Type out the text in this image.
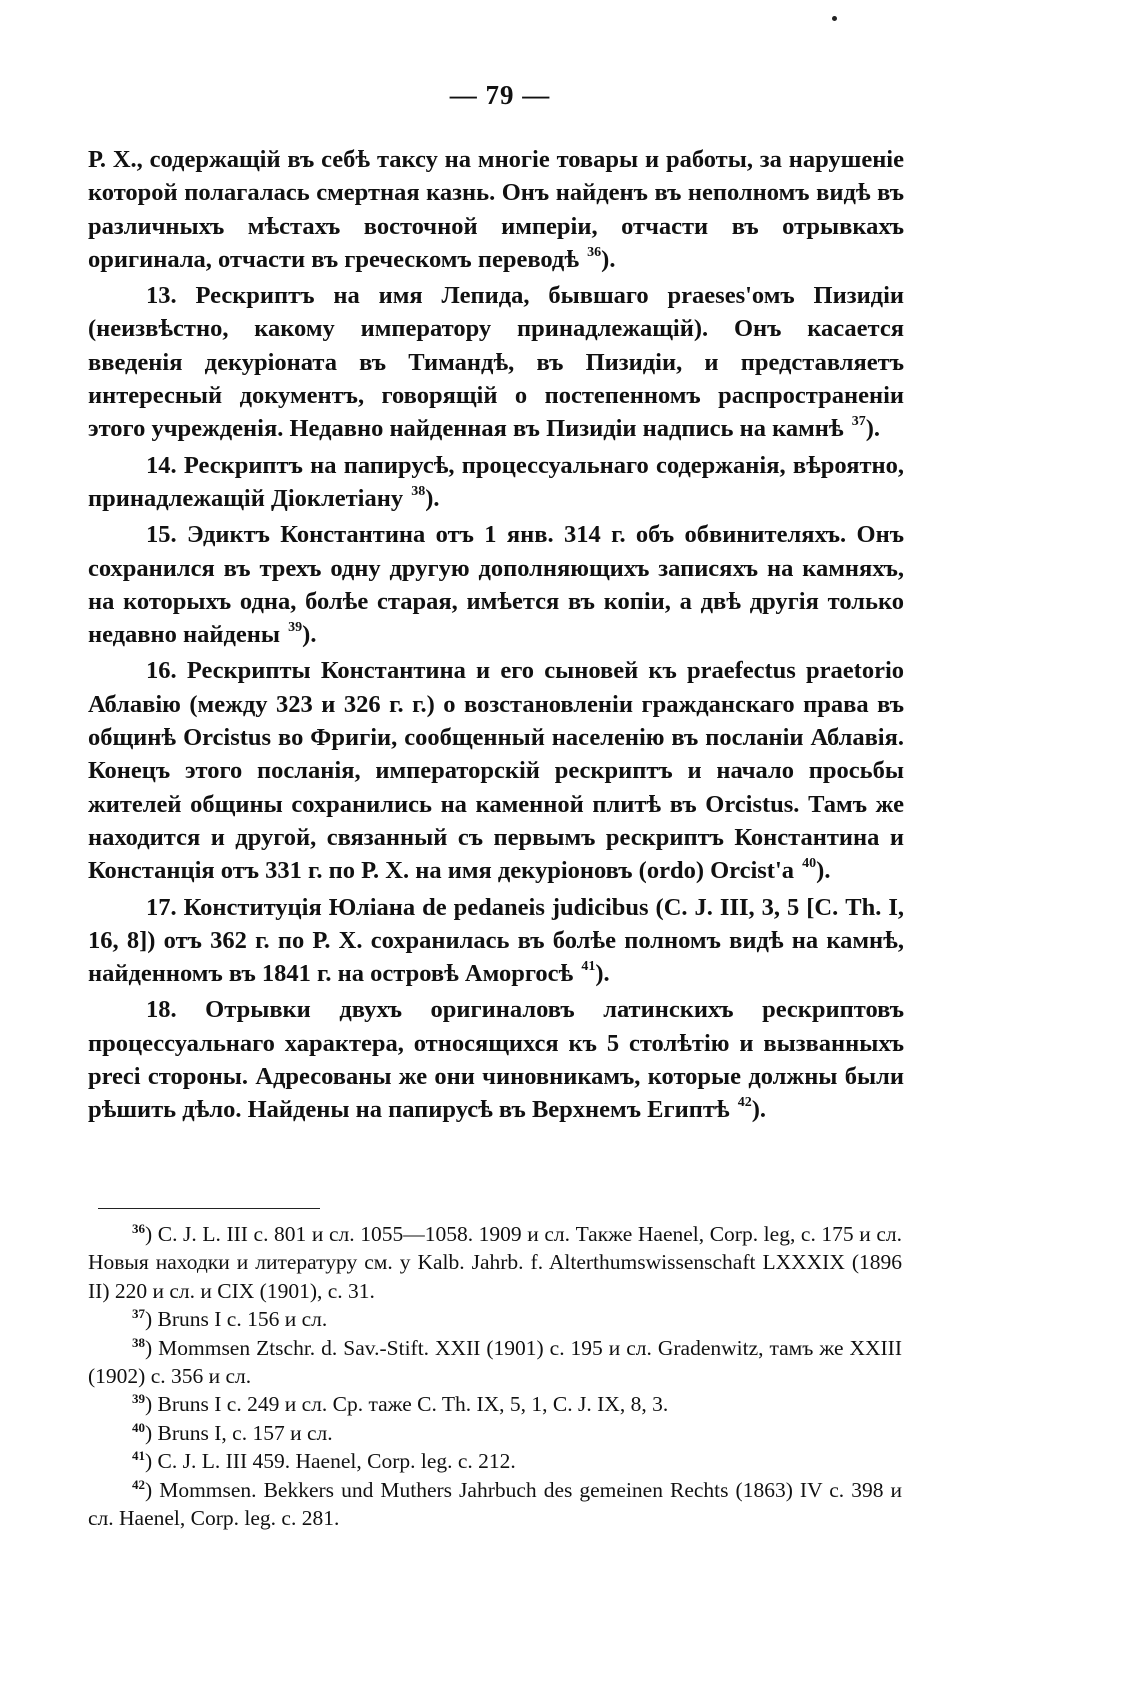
— 79 —

Р. Х., содержащій въ себѣ таксу на многіе товары и работы, за нарушеніе которой полагалась смертная казнь. Онъ найденъ въ неполномъ видѣ въ различныхъ мѣстахъ восточной имперіи, отчасти въ отрывкахъ оригинала, отчасти въ греческомъ переводѣ $^{36}$).

13. Рескриптъ на имя Лепида, бывшаго praeses'омъ Пизидіи (неизвѣстно, какому императору принадлежащій). Онъ касается введенія декуріоната въ Тимандѣ, въ Пизидіи, и представляетъ интересный документъ, говорящій о постепенномъ распространеніи этого учрежденія. Недавно найденная въ Пизидіи надпись на камнѣ $^{37}$).

14. Рескриптъ на папирусѣ, процессуальнаго содержанія, вѣроятно, принадлежащій Діоклетіану $^{38}$).

15. Эдиктъ Константина отъ 1 янв. 314 г. объ обвинителяхъ. Онъ сохранился въ трехъ одну другую дополняющихъ записяхъ на камняхъ, на которыхъ одна, болѣе старая, имѣется въ копіи, а двѣ другія только недавно найдены $^{39}$).

16. Рескрипты Константина и его сыновей къ praefectus praetorio Аблавію (между 323 и 326 г. г.) о возстановленіи гражданскаго права въ общинѣ Orcistus во Фригіи, сообщенный населенію въ посланіи Аблавія. Конецъ этого посланія, императорскій рескриптъ и начало просьбы жителей общины сохранились на каменной плитѣ въ Orcistus. Тамъ же находится и другой, связанный съ первымъ рескриптъ Константина и Констанція отъ 331 г. по Р. Х. на имя декуріоновъ (ordo) Orcist'a $^{40}$).

17. Конституція Юліана de pedaneis judicibus (С. J. III, 3, 5 [С. Th. I, 16, 8]) отъ 362 г. по Р. Х. сохранилась въ болѣе полномъ видѣ на камнѣ, найденномъ въ 1841 г. на островѣ Аморгосѣ $^{41}$).

18. Отрывки двухъ оригиналовъ латинскихъ рескриптовъ процессуальнаго характера, относящихся къ 5 столѣтію и вызванныхъ preci стороны. Адресованы же они чиновникамъ, которые должны были рѣшить дѣло. Найдены на папирусѣ въ Верхнемъ Египтѣ $^{42}$).

$^{36}$) C. J. L. III с. 801 и сл. 1055—1058. 1909 и сл. Также Haenel, Corp. leg, с. 175 и сл. Новыя находки и литературу см. у Kalb. Jahrb. f. Alterthumswissenschaft LXXXIX (1896 II) 220 и сл. и CIX (1901), с. 31.

$^{37}$) Bruns I с. 156 и сл.

$^{38}$) Mommsen Ztschr. d. Sav.-Stift. XXII (1901) с. 195 и сл. Gradenwitz, тамъ же XXIII (1902) с. 356 и сл.

$^{39}$) Bruns I с. 249 и сл. Ср. таже C. Th. IX, 5, 1, C. J. IX, 8, 3.

$^{40}$) Bruns I, с. 157 и сл.

$^{41}$) C. J. L. III 459. Haenel, Corp. leg. с. 212.

$^{42}$) Mommsen. Bekkers und Muthers Jahrbuch des gemeinen Rechts (1863) IV с. 398 и сл. Haenel, Corp. leg. с. 281.
